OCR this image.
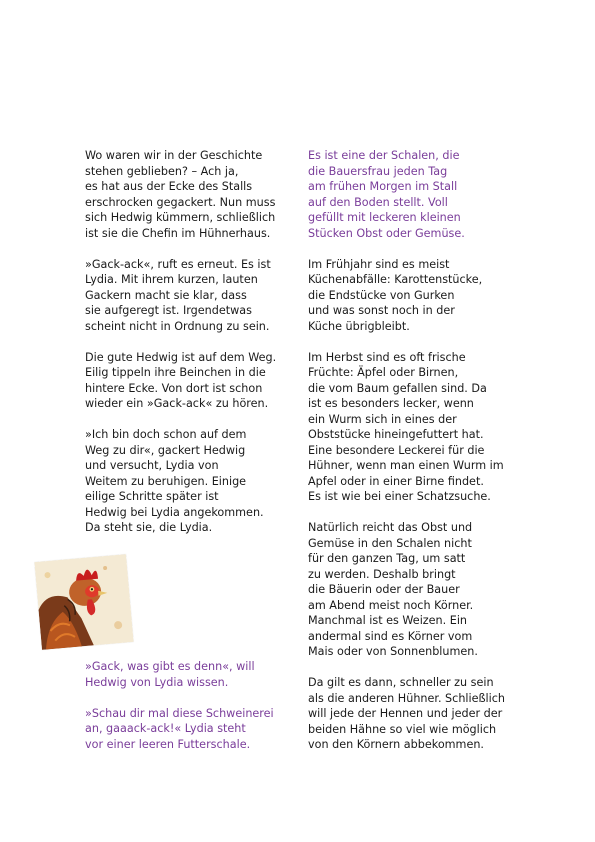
Wo waren wir in der Geschichte
stehen geblieben? – Ach ja,
es hat aus der Ecke des Stalls
erschrocken gegackert. Nun muss
sich Hedwig kümmern, schließlich
ist sie die Chefin im Hühnerhaus.

»Gack-ack«, ruft es erneut. Es ist
Lydia. Mit ihrem kurzen, lauten
Gackern macht sie klar, dass
sie aufgeregt ist. Irgendetwas
scheint nicht in Ordnung zu sein.

Die gute Hedwig ist auf dem Weg.
Eilig tippeln ihre Beinchen in die
hintere Ecke. Von dort ist schon
wieder ein »Gack-ack« zu hören.

»Ich bin doch schon auf dem
Weg zu dir«, gackert Hedwig
und versucht, Lydia von
Weitem zu beruhigen. Einige
eilige Schritte später ist
Hedwig bei Lydia angekommen.
Da steht sie, die Lydia.

»Gack, was gibt es denn«, will
Hedwig von Lydia wissen.

»Schau dir mal diese Schweinerei
an, gaaack-ack!« Lydia steht
vor einer leeren Futterschale.

Es ist eine der Schalen, die
die Bauersfrau jeden Tag
am frühen Morgen im Stall
auf den Boden stellt. Voll
gefüllt mit leckeren kleinen
Stücken Obst oder Gemüse.

Im Frühjahr sind es meist
Küchenabfälle: Karottenstücke,
die Endstücke von Gurken
und was sonst noch in der
Küche übrigbleibt.

Im Herbst sind es oft frische
Früchte: Äpfel oder Birnen,
die vom Baum gefallen sind. Da
ist es besonders lecker, wenn
ein Wurm sich in eines der
Obststücke hineingefuttert hat.
Eine besondere Leckerei für die
Hühner, wenn man einen Wurm im
Apfel oder in einer Birne findet.
Es ist wie bei einer Schatzsuche.

Natürlich reicht das Obst und
Gemüse in den Schalen nicht
für den ganzen Tag, um satt
zu werden. Deshalb bringt
die Bäuerin oder der Bauer
am Abend meist noch Körner.
Manchmal ist es Weizen. Ein
andermal sind es Körner vom
Mais oder von Sonnenblumen.

Da gilt es dann, schneller zu sein
als die anderen Hühner. Schließlich
will jede der Hennen und jeder der
beiden Hähne so viel wie möglich
von den Körnern abbekommen.
